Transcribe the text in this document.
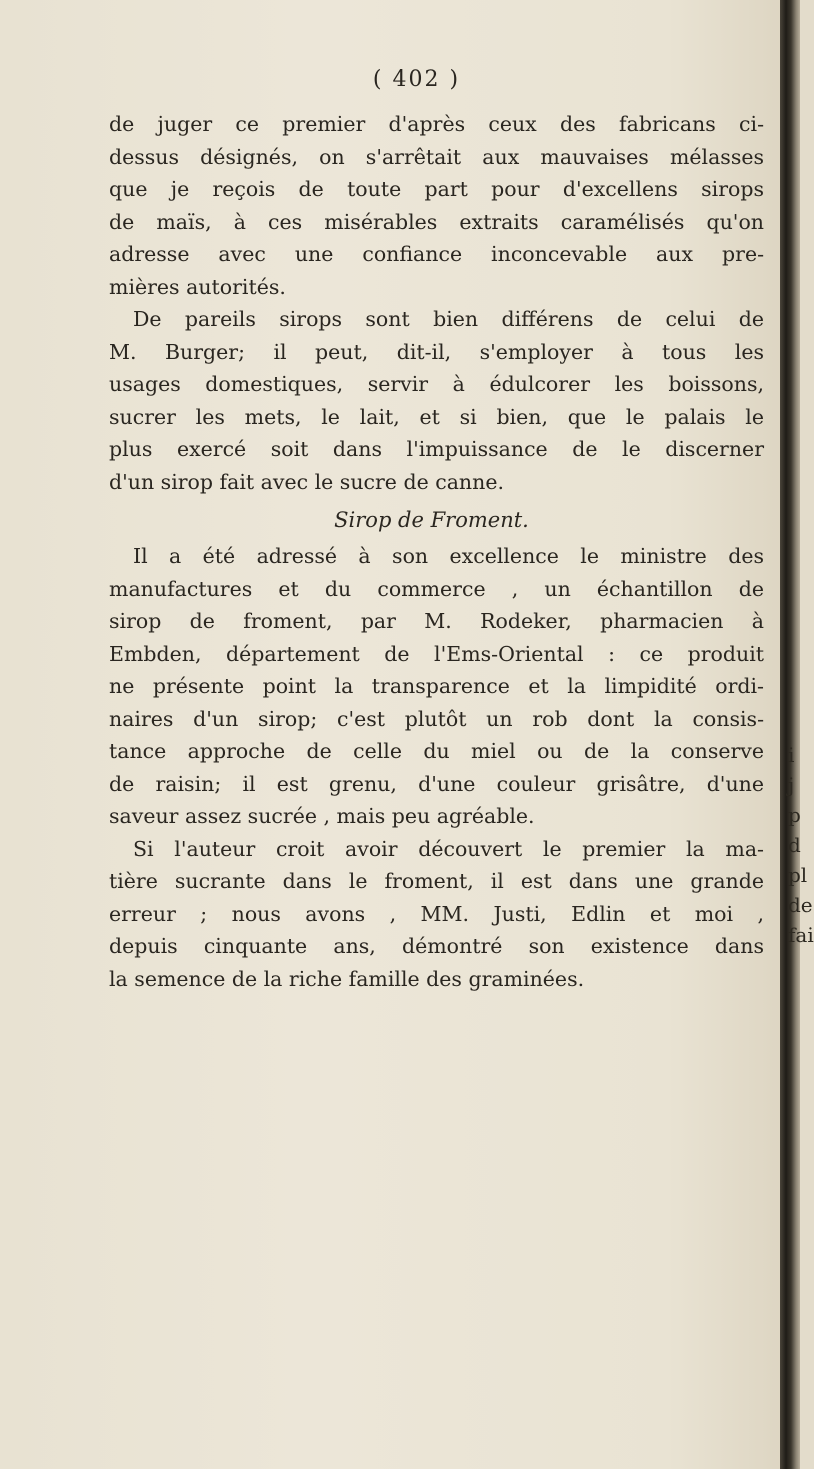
( 402 )
de juger ce premier d'après ceux des fabricans ci-
dessus désignés, on s'arrêtait aux mauvaises mélasses
que je reçois de toute part pour d'excellens sirops
de maïs, à ces misérables extraits caramélisés qu'on
adresse avec une confiance inconcevable aux pre-
mières autorités.
De pareils sirops sont bien différens de celui de
M. Burger; il peut, dit-il, s'employer à tous les
usages domestiques, servir à édulcorer les boissons,
sucrer les mets, le lait, et si bien, que le palais le
plus exercé soit dans l'impuissance de le discerner
d'un sirop fait avec le sucre de canne.
Sirop de Froment.
Il a été adressé à son excellence le ministre des
manufactures et du commerce , un échantillon de
sirop de froment, par M. Rodeker, pharmacien à
Embden, département de l'Ems-Oriental : ce produit
ne présente point la transparence et la limpidité ordi-
naires d'un sirop; c'est plutôt un rob dont la consis-
tance approche de celle du miel ou de la conserve
de raisin; il est grenu, d'une couleur grisâtre, d'une
saveur assez sucrée , mais peu agréable.
Si l'auteur croit avoir découvert le premier la ma-
tière sucrante dans le froment, il est dans une grande
erreur ; nous avons , MM. Justi, Edlin et moi ,
depuis cinquante ans, démontré son existence dans
la semence de la riche famille des graminées.
i
j
p
d
pl
de
fai
